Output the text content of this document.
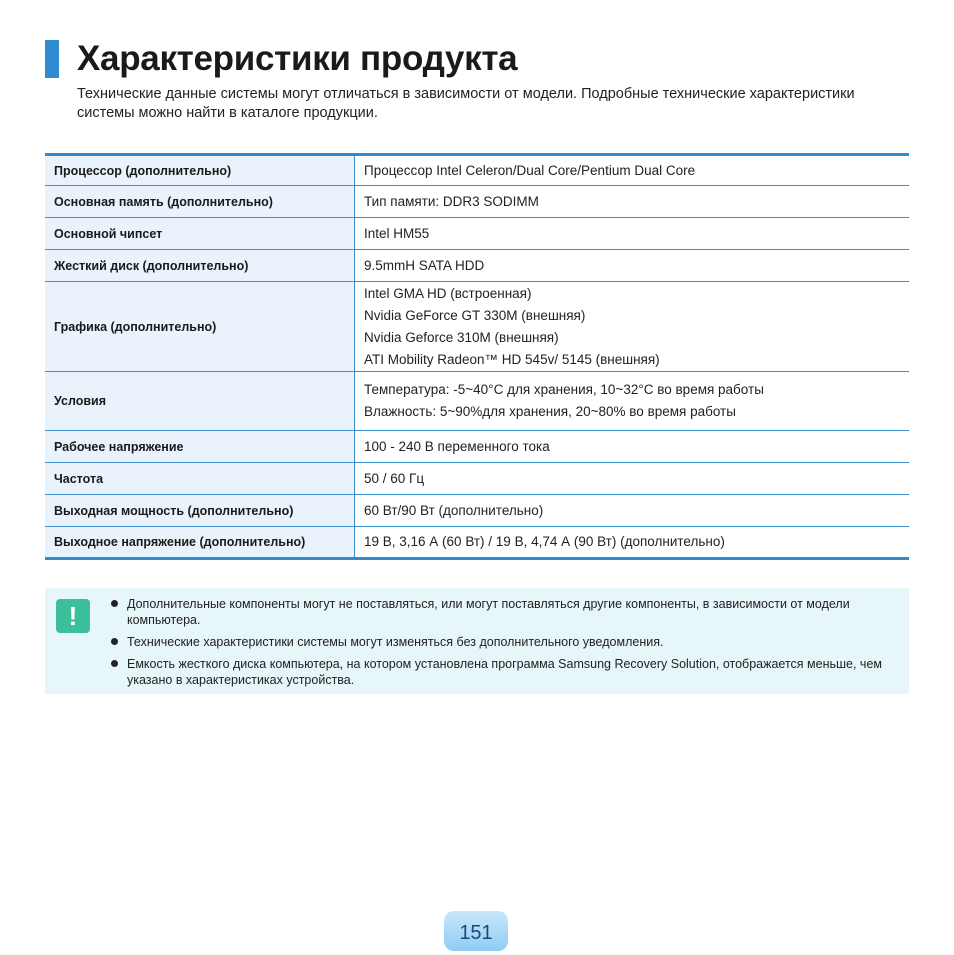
Характеристики продукта

Технические данные системы могут отличаться в зависимости от модели. Подробные технические характеристики системы можно найти в каталоге продукции.

Процессор (дополнительно)	Процессор Intel Celeron/Dual Core/Pentium Dual Core

Основная память (дополнительно)	Тип памяти: DDR3 SODIMM

Основной чипсет	Intel HM55

Жесткий диск (дополнительно)	9.5mmH SATA HDD

Графика (дополнительно)	Intel GMA HD (встроенная)
Nvidia GeForce GT 330M (внешняя)
Nvidia Geforce 310M (внешняя)
ATI Mobility Radeon™ HD 545v/ 5145 (внешняя)

Условия	Температура: -5~40°C для хранения, 10~32°C во время работы
Влажность: 5~90%для хранения, 20~80% во время работы

Рабочее напряжение	100 - 240 В переменного тока

Частота	50 / 60 Гц

Выходная мощность (дополнительно)	60 Вт/90 Вт (дополнительно)

Выходное напряжение (дополнительно)	19 В, 3,16 А (60 Вт) / 19 В, 4,74 А (90 Вт) (дополнительно)
!	Дополнительные компоненты могут не поставляться, или могут поставляться другие компоненты, в зависимости от модели компьютера.
Технические характеристики системы могут изменяться без дополнительного уведомления.
Емкость жесткого диска компьютера, на котором установлена программа Samsung Recovery Solution, отображается меньше, чем указано в характеристиках устройства.
151
